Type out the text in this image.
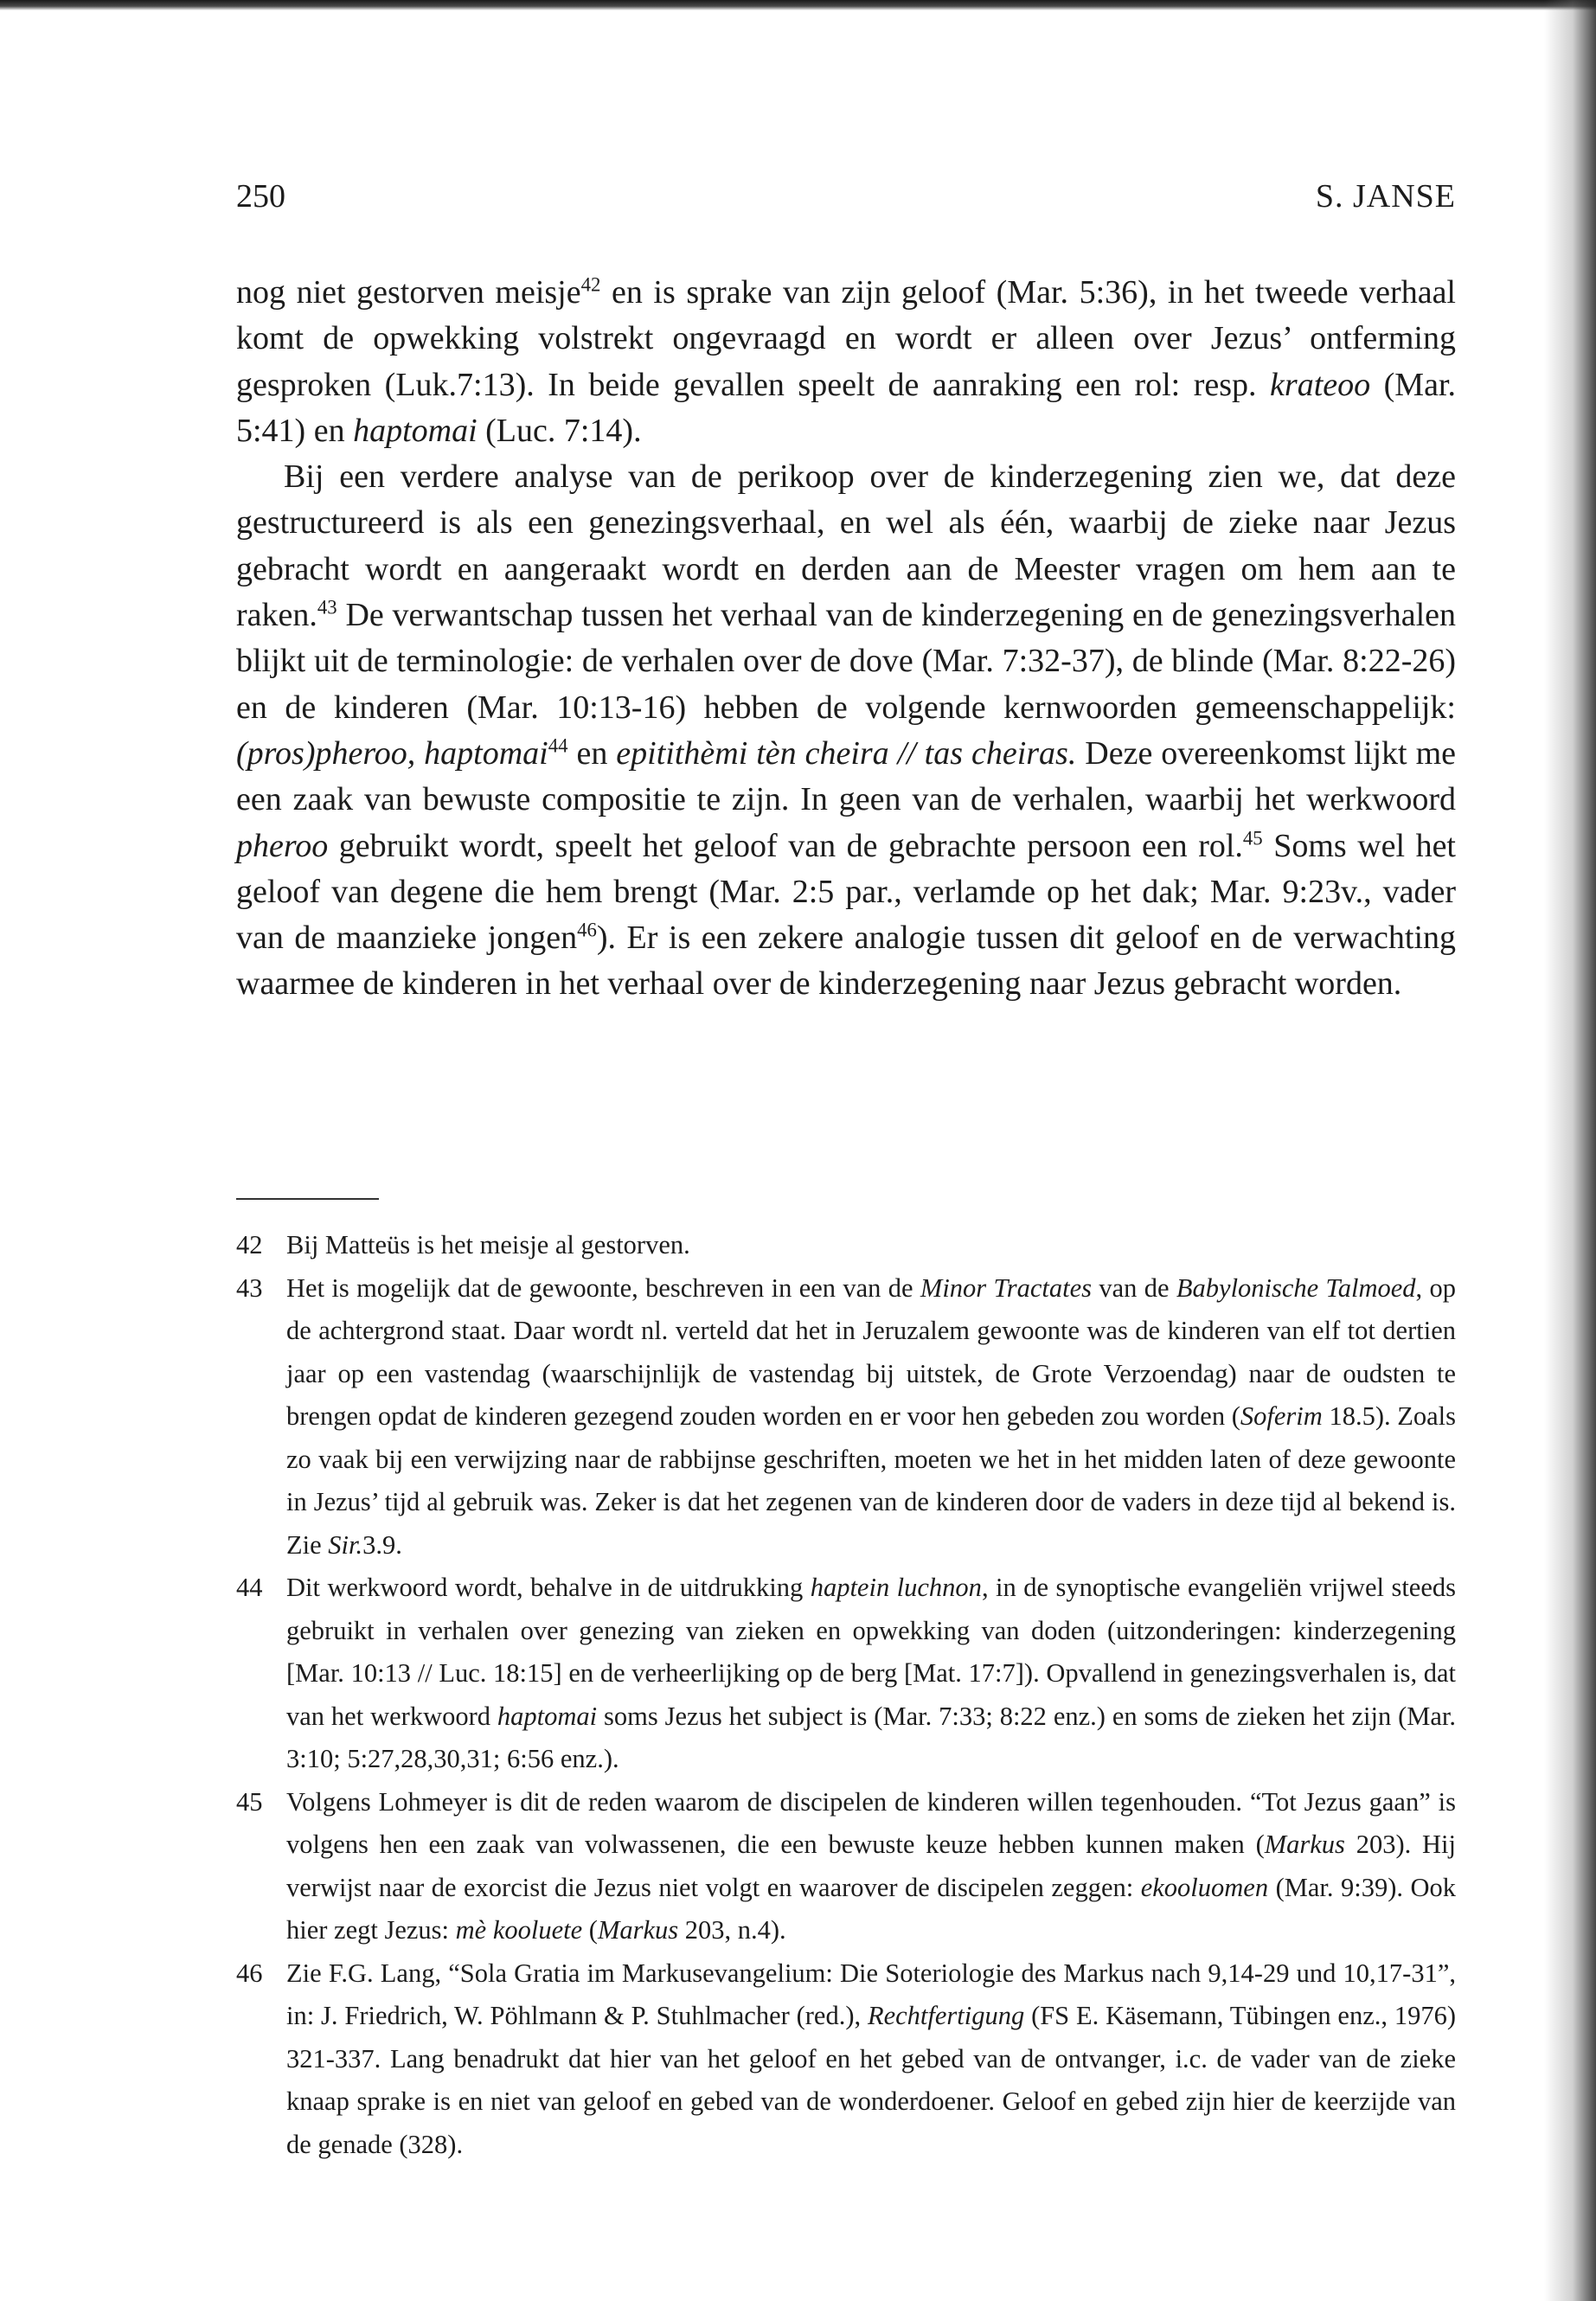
250	S. JANSE

nog niet gestorven meisje$^{42}$ en is sprake van zijn geloof (Mar. 5:36), in het tweede verhaal komt de opwekking volstrekt ongevraagd en wordt er alleen over Jezus’ ontferming gesproken (Luk.7:13). In beide gevallen speelt de aanraking een rol: resp. krateoo (Mar. 5:41) en haptomai (Luc. 7:14).

Bij een verdere analyse van de perikoop over de kinderzegening zien we, dat deze gestructureerd is als een genezingsverhaal, en wel als één, waarbij de zieke naar Jezus gebracht wordt en aangeraakt wordt en derden aan de Meester vragen om hem aan te raken.$^{43}$ De verwantschap tussen het verhaal van de kinderzegening en de genezingsverhalen blijkt uit de terminologie: de verhalen over de dove (Mar. 7:32-37), de blinde (Mar. 8:22-26) en de kinderen (Mar. 10:13-16) hebben de volgende kernwoorden gemeenschappelijk: (pros)pheroo, haptomai$^{44}$ en epitithèmi tèn cheira // tas cheiras. Deze overeenkomst lijkt me een zaak van bewuste compositie te zijn. In geen van de verhalen, waarbij het werkwoord pheroo gebruikt wordt, speelt het geloof van de gebrachte persoon een rol.$^{45}$ Soms wel het geloof van degene die hem brengt (Mar. 2:5 par., verlamde op het dak; Mar. 9:23v., vader van de maanzieke jongen$^{46}$). Er is een zekere analogie tussen dit geloof en de verwachting waarmee de kinderen in het verhaal over de kinderzegening naar Jezus gebracht worden.

42 Bij Matteüs is het meisje al gestorven.
43 Het is mogelijk dat de gewoonte, beschreven in een van de Minor Tractates van de Babylonische Talmoed, op de achtergrond staat. Daar wordt nl. verteld dat het in Jeruzalem gewoonte was de kinderen van elf tot dertien jaar op een vastendag (waarschijnlijk de vastendag bij uitstek, de Grote Verzoendag) naar de oudsten te brengen opdat de kinderen gezegend zouden worden en er voor hen gebeden zou worden (Soferim 18.5). Zoals zo vaak bij een verwijzing naar de rabbijnse geschriften, moeten we het in het midden laten of deze gewoonte in Jezus’ tijd al gebruik was. Zeker is dat het zegenen van de kinderen door de vaders in deze tijd al bekend is. Zie Sir.3.9.
44 Dit werkwoord wordt, behalve in de uitdrukking haptein luchnon, in de synoptische evangeliën vrijwel steeds gebruikt in verhalen over genezing van zieken en opwekking van doden (uitzonderingen: kinderzegening [Mar. 10:13 // Luc. 18:15] en de verheerlijking op de berg [Mat. 17:7]). Opvallend in genezingsverhalen is, dat van het werkwoord haptomai soms Jezus het subject is (Mar. 7:33; 8:22 enz.) en soms de zieken het zijn (Mar. 3:10; 5:27,28,30,31; 6:56 enz.).
45 Volgens Lohmeyer is dit de reden waarom de discipelen de kinderen willen tegenhouden. “Tot Jezus gaan” is volgens hen een zaak van volwassenen, die een bewuste keuze hebben kunnen maken (Markus 203). Hij verwijst naar de exorcist die Jezus niet volgt en waarover de discipelen zeggen: ekooluomen (Mar. 9:39). Ook hier zegt Jezus: mè kooluete (Markus 203, n.4).
46 Zie F.G. Lang, “Sola Gratia im Markusevangelium: Die Soteriologie des Markus nach 9,14-29 und 10,17-31”, in: J. Friedrich, W. Pöhlmann & P. Stuhlmacher (red.), Rechtfertigung (FS E. Käsemann, Tübingen enz., 1976) 321-337. Lang benadrukt dat hier van het geloof en het gebed van de ontvanger, i.c. de vader van de zieke knaap sprake is en niet van geloof en gebed van de wonderdoener. Geloof en gebed zijn hier de keerzijde van de genade (328).
